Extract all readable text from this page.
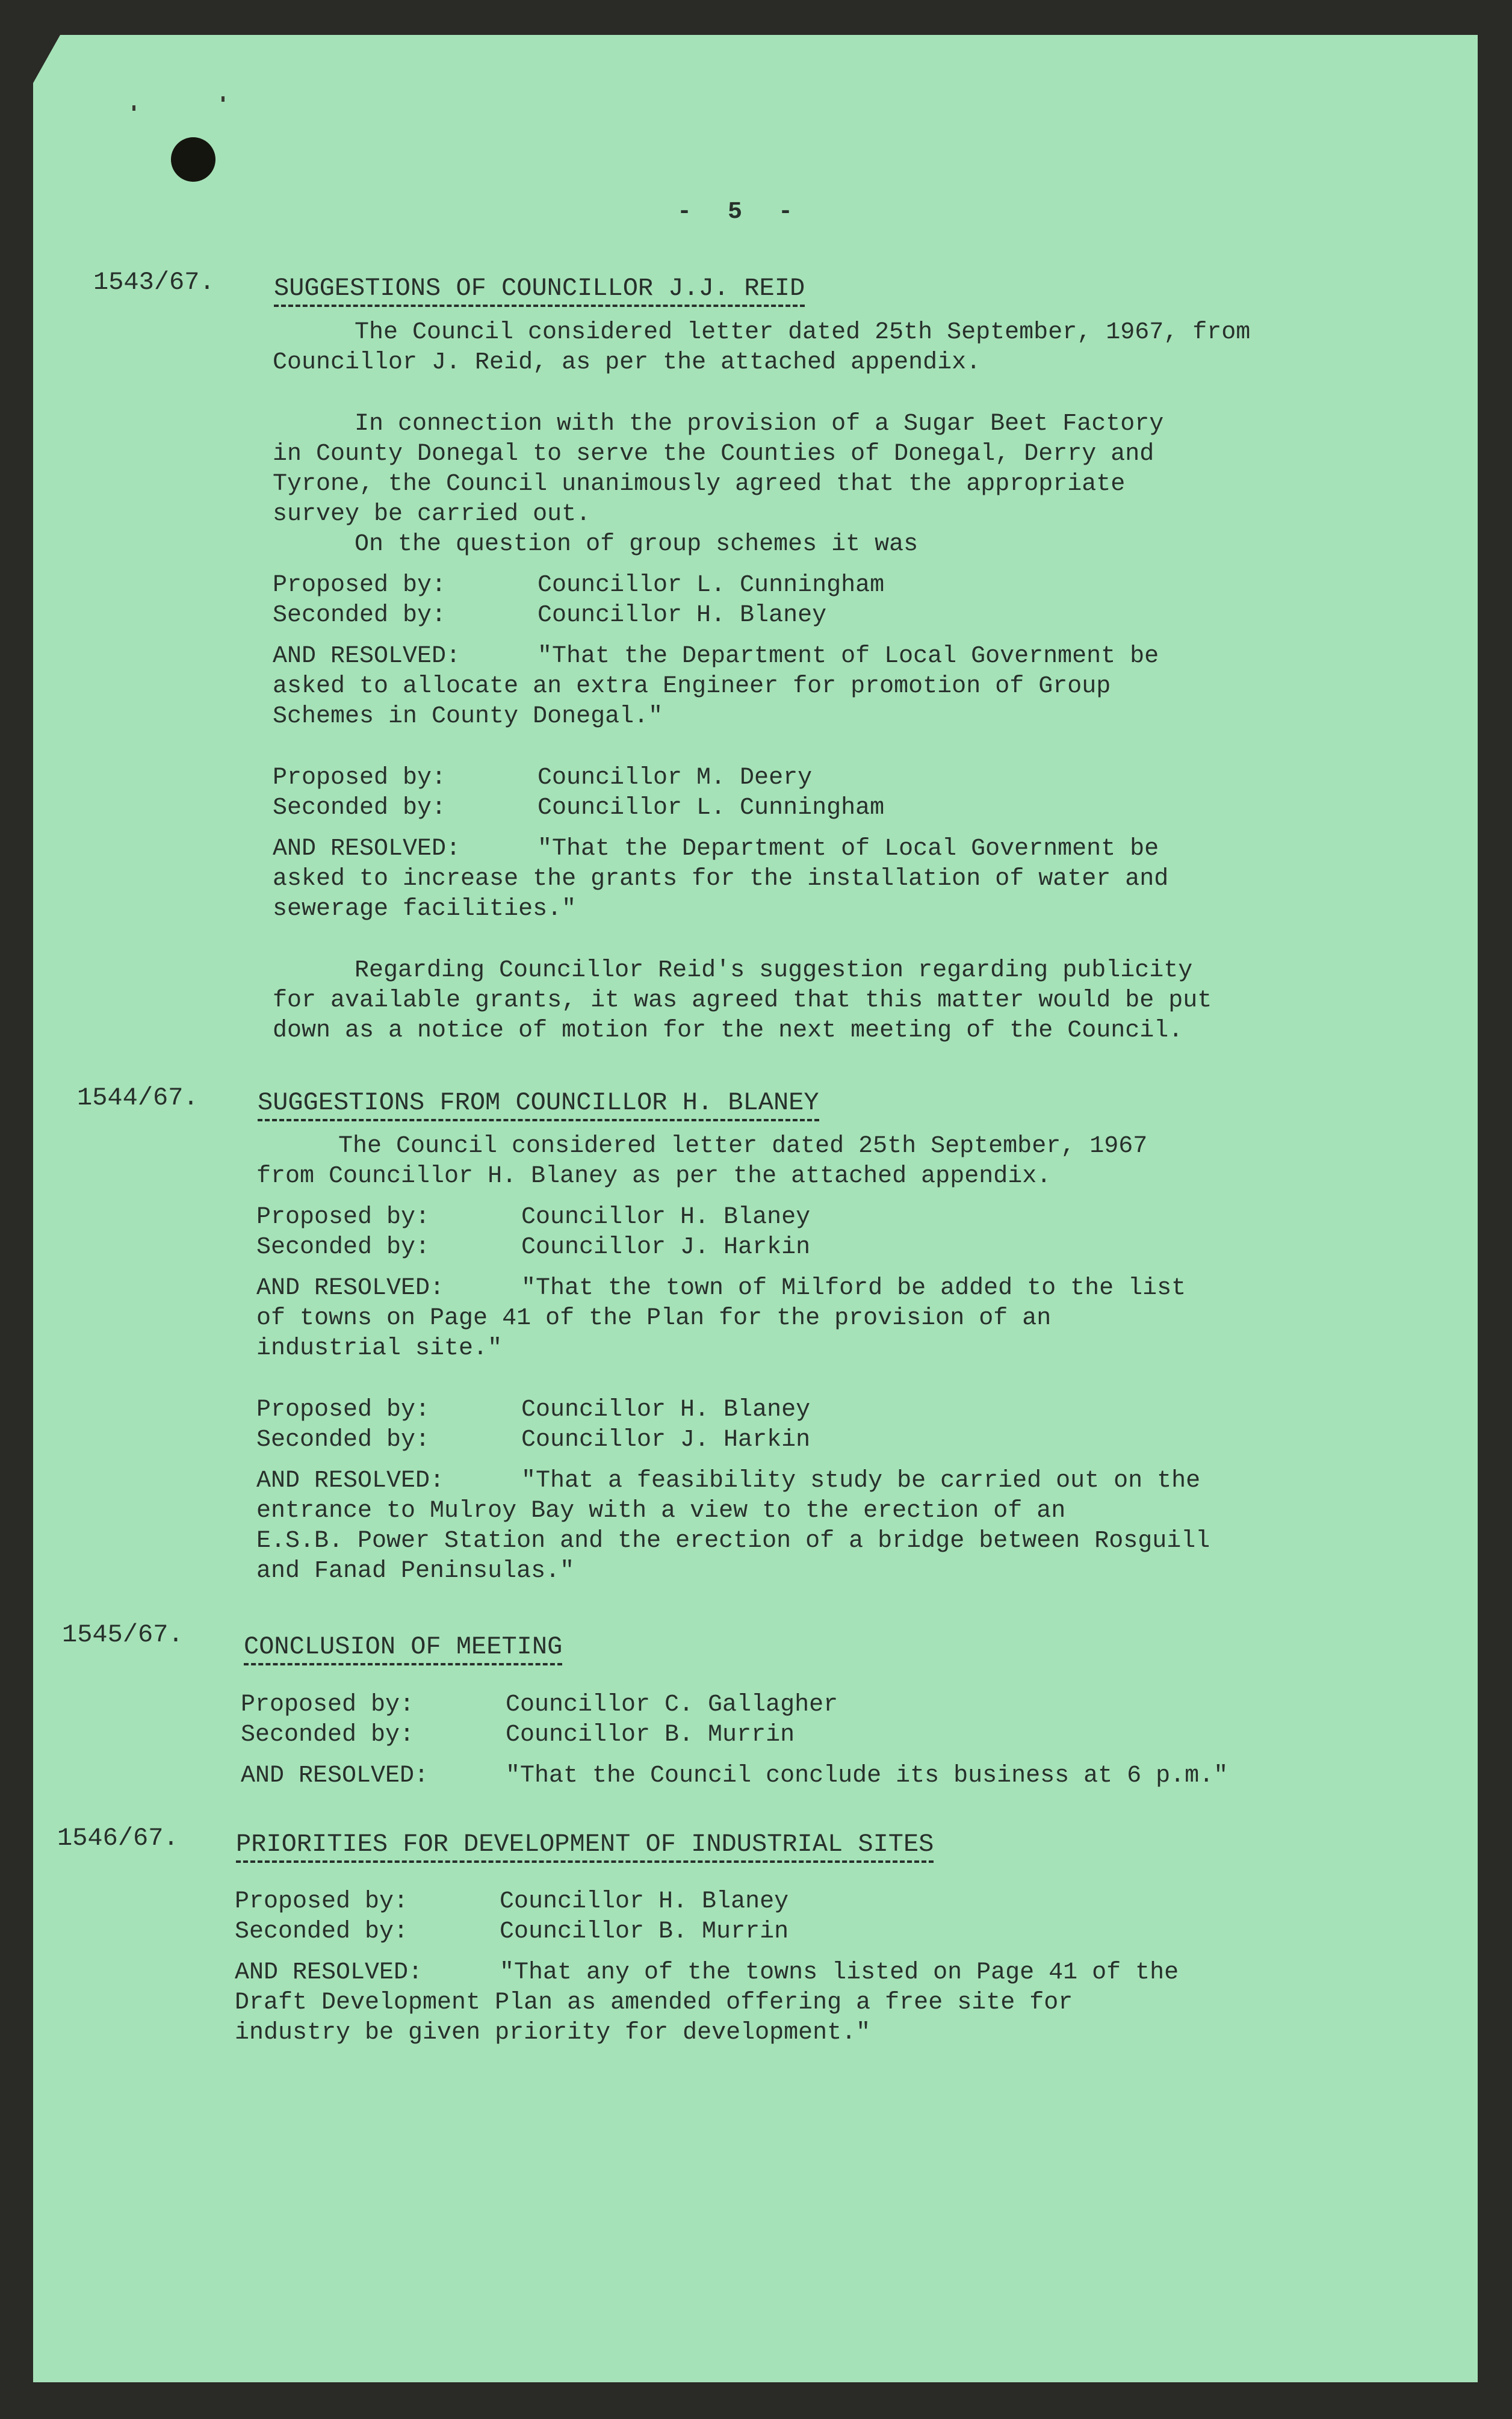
- 5 -
1543/67. SUGGESTIONS OF COUNCILLOR J.J. REID
The Council considered letter dated 25th September, 1967, from
Councillor J. Reid, as per the attached appendix.
In connection with the provision of a Sugar Beet Factory
in County Donegal to serve the Counties of Donegal, Derry and
Tyrone, the Council unanimously agreed that the appropriate
survey be carried out.
On the question of group schemes it was
Proposed by:	Councillor L. Cunningham
Seconded by:	Councillor H. Blaney
AND RESOLVED:	"That the Department of Local Government be
asked to allocate an extra Engineer for promotion of Group
Schemes in County Donegal."
Proposed by:	Councillor M. Deery
Seconded by:	Councillor L. Cunningham
AND RESOLVED:	"That the Department of Local Government be
asked to increase the grants for the installation of water and
sewerage facilities."
Regarding Councillor Reid's suggestion regarding publicity
for available grants, it was agreed that this matter would be put
down as a notice of motion for the next meeting of the Council.
1544/67. SUGGESTIONS FROM COUNCILLOR H. BLANEY
The Council considered letter dated 25th September, 1967
from Councillor H. Blaney as per the attached appendix.
Proposed by:	Councillor H. Blaney
Seconded by:	Councillor J. Harkin
AND RESOLVED:	"That the town of Milford be added to the list
of towns on Page 41 of the Plan for the provision of an
industrial site."
Proposed by:	Councillor H. Blaney
Seconded by:	Councillor J. Harkin
AND RESOLVED:	"That a feasibility study be carried out on the
entrance to Mulroy Bay with a view to the erection of an
E.S.B. Power Station and the erection of a bridge between Rosguill
and Fanad Peninsulas."
1545/67. CONCLUSION OF MEETING
Proposed by:	Councillor C. Gallagher
Seconded by:	Councillor B. Murrin
AND RESOLVED:	"That the Council conclude its business at 6 p.m."
1546/67. PRIORITIES FOR DEVELOPMENT OF INDUSTRIAL SITES
Proposed by:	Councillor H. Blaney
Seconded by:	Councillor B. Murrin
AND RESOLVED:	"That any of the towns listed on Page 41 of the
Draft Development Plan as amended offering a free site for
industry be given priority for development."
